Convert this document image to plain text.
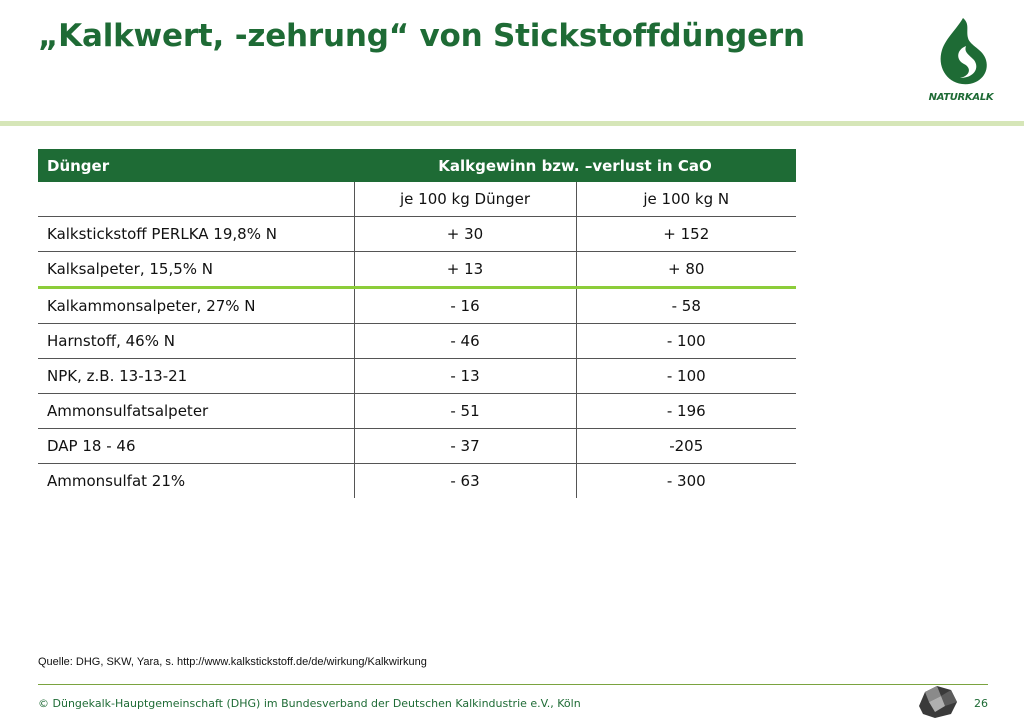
„Kalkwert, -zehrung“ von Stickstoffdüngern
NATURKALK
Dünger	Kalkgewinn bzw. –verlust in CaO	
	je 100 kg Dünger	je 100 kg N
Kalkstickstoff PERLKA 19,8% N	+ 30	+ 152
Kalksalpeter, 15,5% N	+ 13	+ 80
Kalkammonsalpeter, 27% N	- 16	- 58
Harnstoff, 46% N	- 46	- 100
NPK, z.B. 13-13-21	- 13	- 100
Ammonsulfatsalpeter	- 51	- 196
DAP 18 - 46	- 37	-205
Ammonsulfat 21%	- 63	- 300
Quelle: DHG, SKW, Yara, s. http://www.kalkstickstoff.de/de/wirkung/Kalkwirkung
© Düngekalk-Hauptgemeinschaft (DHG) im Bundesverband der Deutschen Kalkindustrie e.V., Köln	26
